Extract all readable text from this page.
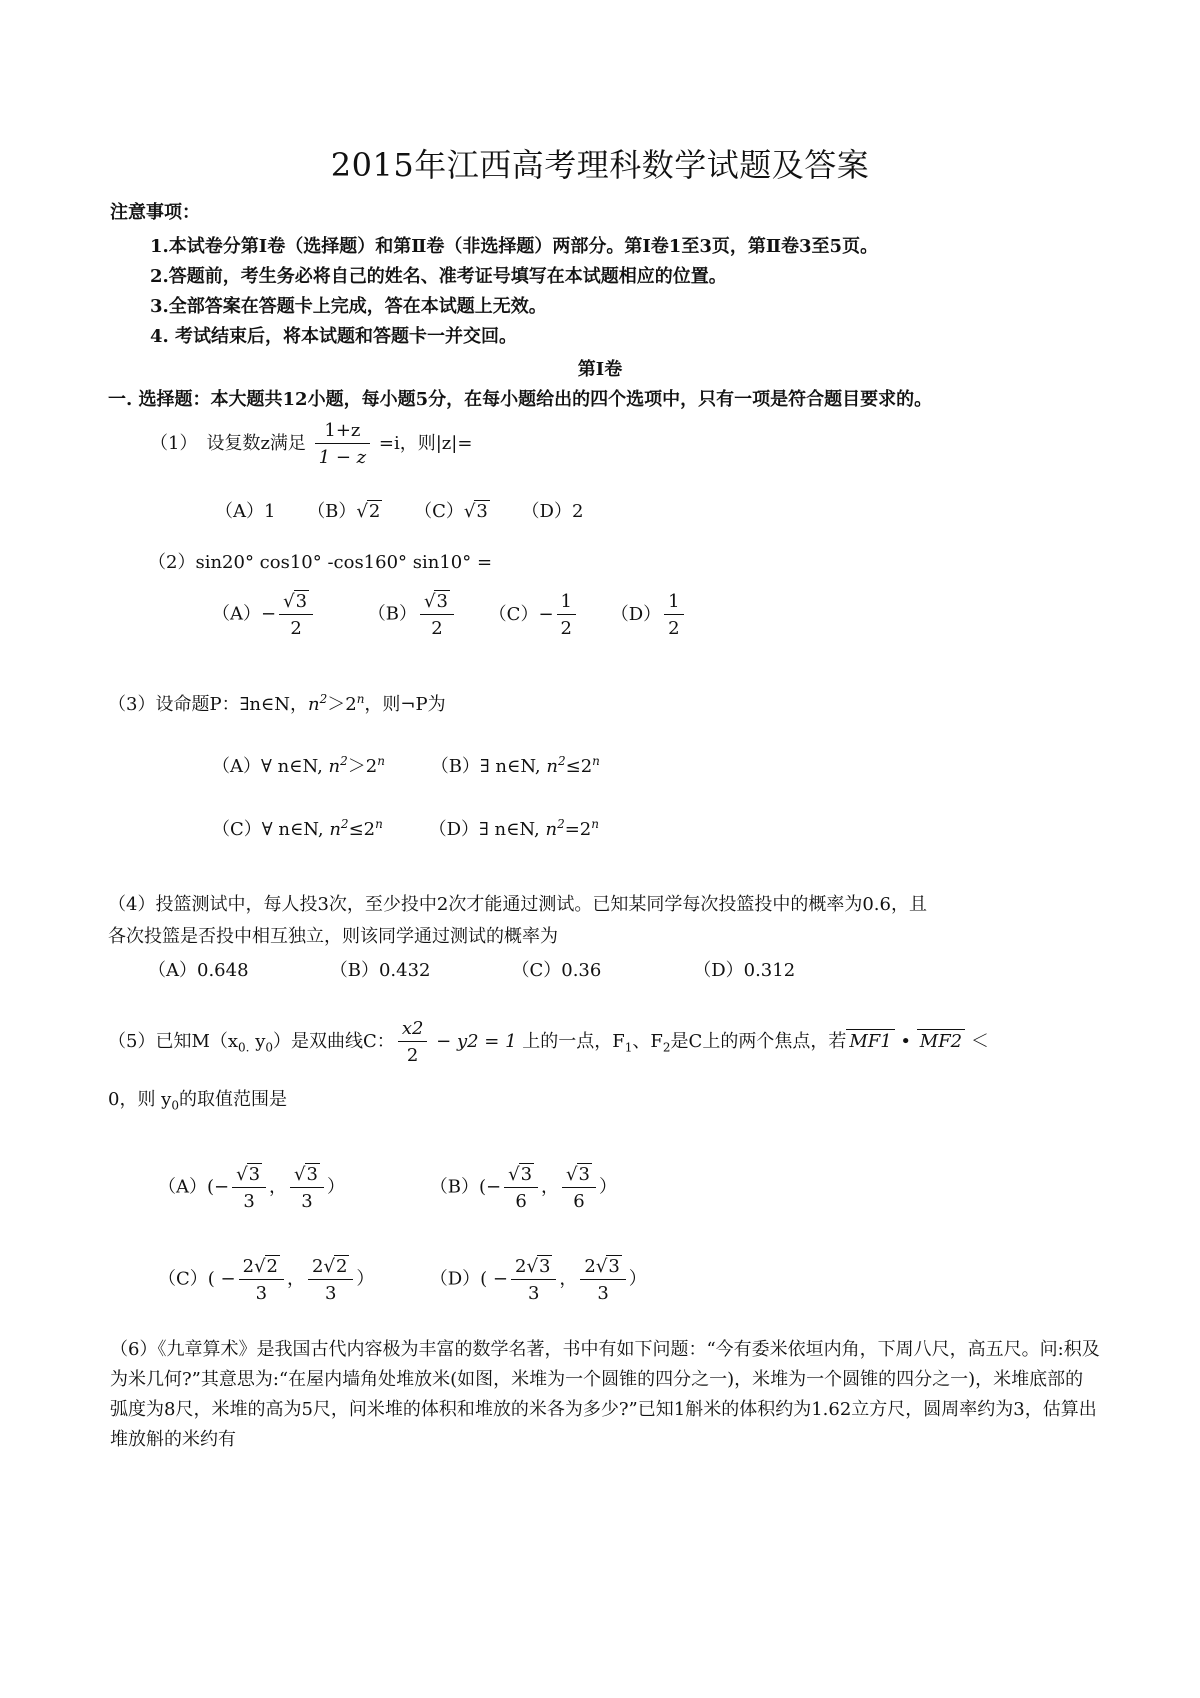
2015年江西高考理科数学试题及答案
注意事项：
1.本试卷分第Ⅰ卷（选择题）和第Ⅱ卷（非选择题）两部分。第Ⅰ卷1至3页，第Ⅱ卷3至5页。
2.答题前，考生务必将自己的姓名、准考证号填写在本试题相应的位置。
3.全部答案在答题卡上完成，答在本试题上无效。
4. 考试结束后，将本试题和答题卡一并交回。
第Ⅰ卷
一. 选择题：本大题共12小题，每小题5分，在每小题给出的四个选项中，只有一项是符合题目要求的。
（1）　设复数z满足 $\frac{1+z}{1 - z} =i$，则|z|=
（A）1 （B）√2 （C）√3 （D）2
（2）sin20° cos10° -cos160° sin10° =
$(A)- \frac{√3}{2}$	$(B) \frac{√3}{2} (C)- \frac{1}{2} (D) \frac{1}{2}$
（3）设命题P：∃n∈N，$n^2>2^n$，则¬P为
（A）∀ n∈N, $n^2>2^n$	（B）∃ n∈N, $n^2\le 2^n$
（C）∀ n∈N, $n^2\le 2^n$	（D）∃ n∈N, $n^2=2^n$
（4）投篮测试中，每人投3次，至少投中2次才能通过测试。已知某同学每次投篮投中的概率为0.6，且
各次投篮是否投中相互独立，则该同学通过测试的概率为
（A）0.648	（B）0.432	（C）0.36	（D）0.312
（5）已知$M(x_{0.}$ $y_0$）是双曲线C： $\frac{x2}{2} - y2 = 1$ 上的一点，$F_1$、$F_2$是C上的两个焦点，若 MF1 • MF2 ＜
0，则 $y_0$的取值范围是
$(A)(- \frac{√3}{3}$ ， $\frac{√3}{3}$ ）	$(B)(- \frac{√3}{6}$ ， $\frac{√3}{6}$ ）
$(C)( - \frac{2√2}{3}$ ， $\frac{2√2}{3}$ ）	$(D)( - \frac{2√3}{3}$ ， $\frac{2√3}{3}$ ）
（6）《九章算术》是我国古代内容极为丰富的数学名著，书中有如下问题：“今有委米依垣内角，下周八尺，高五尺。问:积及为米几何?”其意思为:“在屋内墙角处堆放米(如图，米堆为一个圆锥的四分之一)，米堆为一个圆锥的四分之一)，米堆底部的弧度为8尺，米堆的高为5尺，问米堆的体积和堆放的米各为多少?”已知1斛米的体积约为1.62立方尺，圆周率约为3，估算出堆放斛的米约有
